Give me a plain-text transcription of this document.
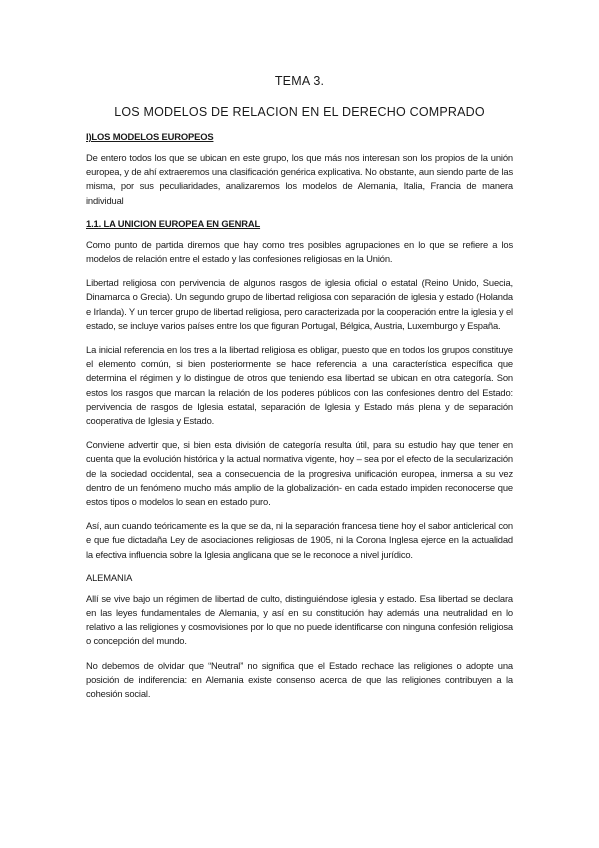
TEMA 3.
LOS MODELOS DE RELACION EN EL DERECHO COMPRADO
I)LOS MODELOS EUROPEOS

De entero todos los que se ubican en este grupo, los que más nos interesan son los propios de la unión europea, y de ahí extraeremos una clasificación genérica explicativa. No obstante, aun siendo parte de las misma, por sus peculiaridades, analizaremos los modelos de Alemania, Italia, Francia de manera individual

1.1. LA UNICION EUROPEA EN GENRAL

Como punto de partida diremos que hay como tres posibles agrupaciones en lo que se refiere a los modelos de relación entre el estado y las confesiones religiosas en la Unión.

Libertad religiosa con pervivencia de algunos rasgos de iglesia oficial o estatal (Reino Unido, Suecia, Dinamarca o Grecia). Un segundo grupo de libertad religiosa con separación de iglesia y estado (Holanda e Irlanda). Y un tercer grupo de libertad religiosa, pero caracterizada por la cooperación entre la iglesia y el estado, se incluye varios países entre los que figuran Portugal, Bélgica, Austria, Luxemburgo y España.

La inicial referencia en los tres a la libertad religiosa es obligar, puesto que en todos los grupos constituye el elemento común, si bien posteriormente se hace referencia a una característica específica que determina el régimen y lo distingue de otros que teniendo esa libertad se ubican en otra categoría. Son estos los rasgos que marcan la relación de los poderes públicos con las confesiones dentro del Estado: pervivencia de rasgos de Iglesia estatal, separación de Iglesia y Estado más plena y de separación cooperativa de Iglesia y Estado.

Conviene advertir que, si bien esta división de categoría resulta útil, para su estudio hay que tener en cuenta que la evolución histórica y la actual normativa vigente, hoy – sea por el efecto de la secularización de la sociedad occidental, sea a consecuencia de la progresiva unificación europea, inmersa a su vez dentro de un fenómeno mucho más amplio de la globalización- en cada estado impiden reconocerse que estos tipos o modelos lo sean en estado puro.

Así, aun cuando teóricamente es la que se da, ni la separación francesa tiene hoy el sabor anticlerical con e que fue dictadaña Ley de asociaciones religiosas de 1905, ni la Corona Inglesa ejerce en la actualidad la efectiva influencia sobre la Iglesia anglicana que se le reconoce a nivel jurídico.

ALEMANIA

Allí se vive bajo un régimen de libertad de culto, distinguiéndose iglesia y estado. Esa libertad se declara en las leyes fundamentales de Alemania, y así en su constitución hay además una neutralidad en lo relativo a las religiones y cosmovisiones por lo que no puede identificarse con ninguna confesión religiosa o concepción del mundo.

No debemos de olvidar que “Neutral” no significa que el Estado rechace las religiones o adopte una posición de indiferencia: en Alemania existe consenso acerca de que las religiones contribuyen a la cohesión social.
